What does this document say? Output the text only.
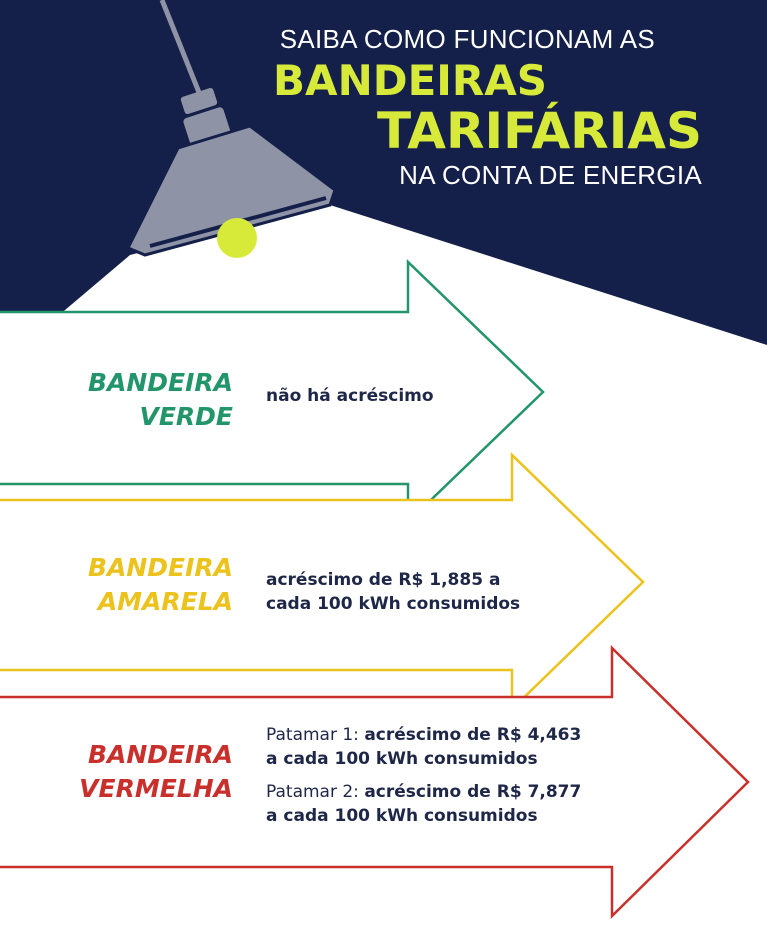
SAIBA COMO FUNCIONAM AS
BANDEIRAS
TARIFÁRIAS
NA CONTA DE ENERGIA
BANDEIRA
VERDE
não há acréscimo
BANDEIRA
AMARELA
acréscimo de R$ 1,885 a
cada 100 kWh consumidos
BANDEIRA
VERMELHA
Patamar 1: acréscimo de R$ 4,463
a cada 100 kWh consumidos
Patamar 2: acréscimo de R$ 7,877
a cada 100 kWh consumidos
